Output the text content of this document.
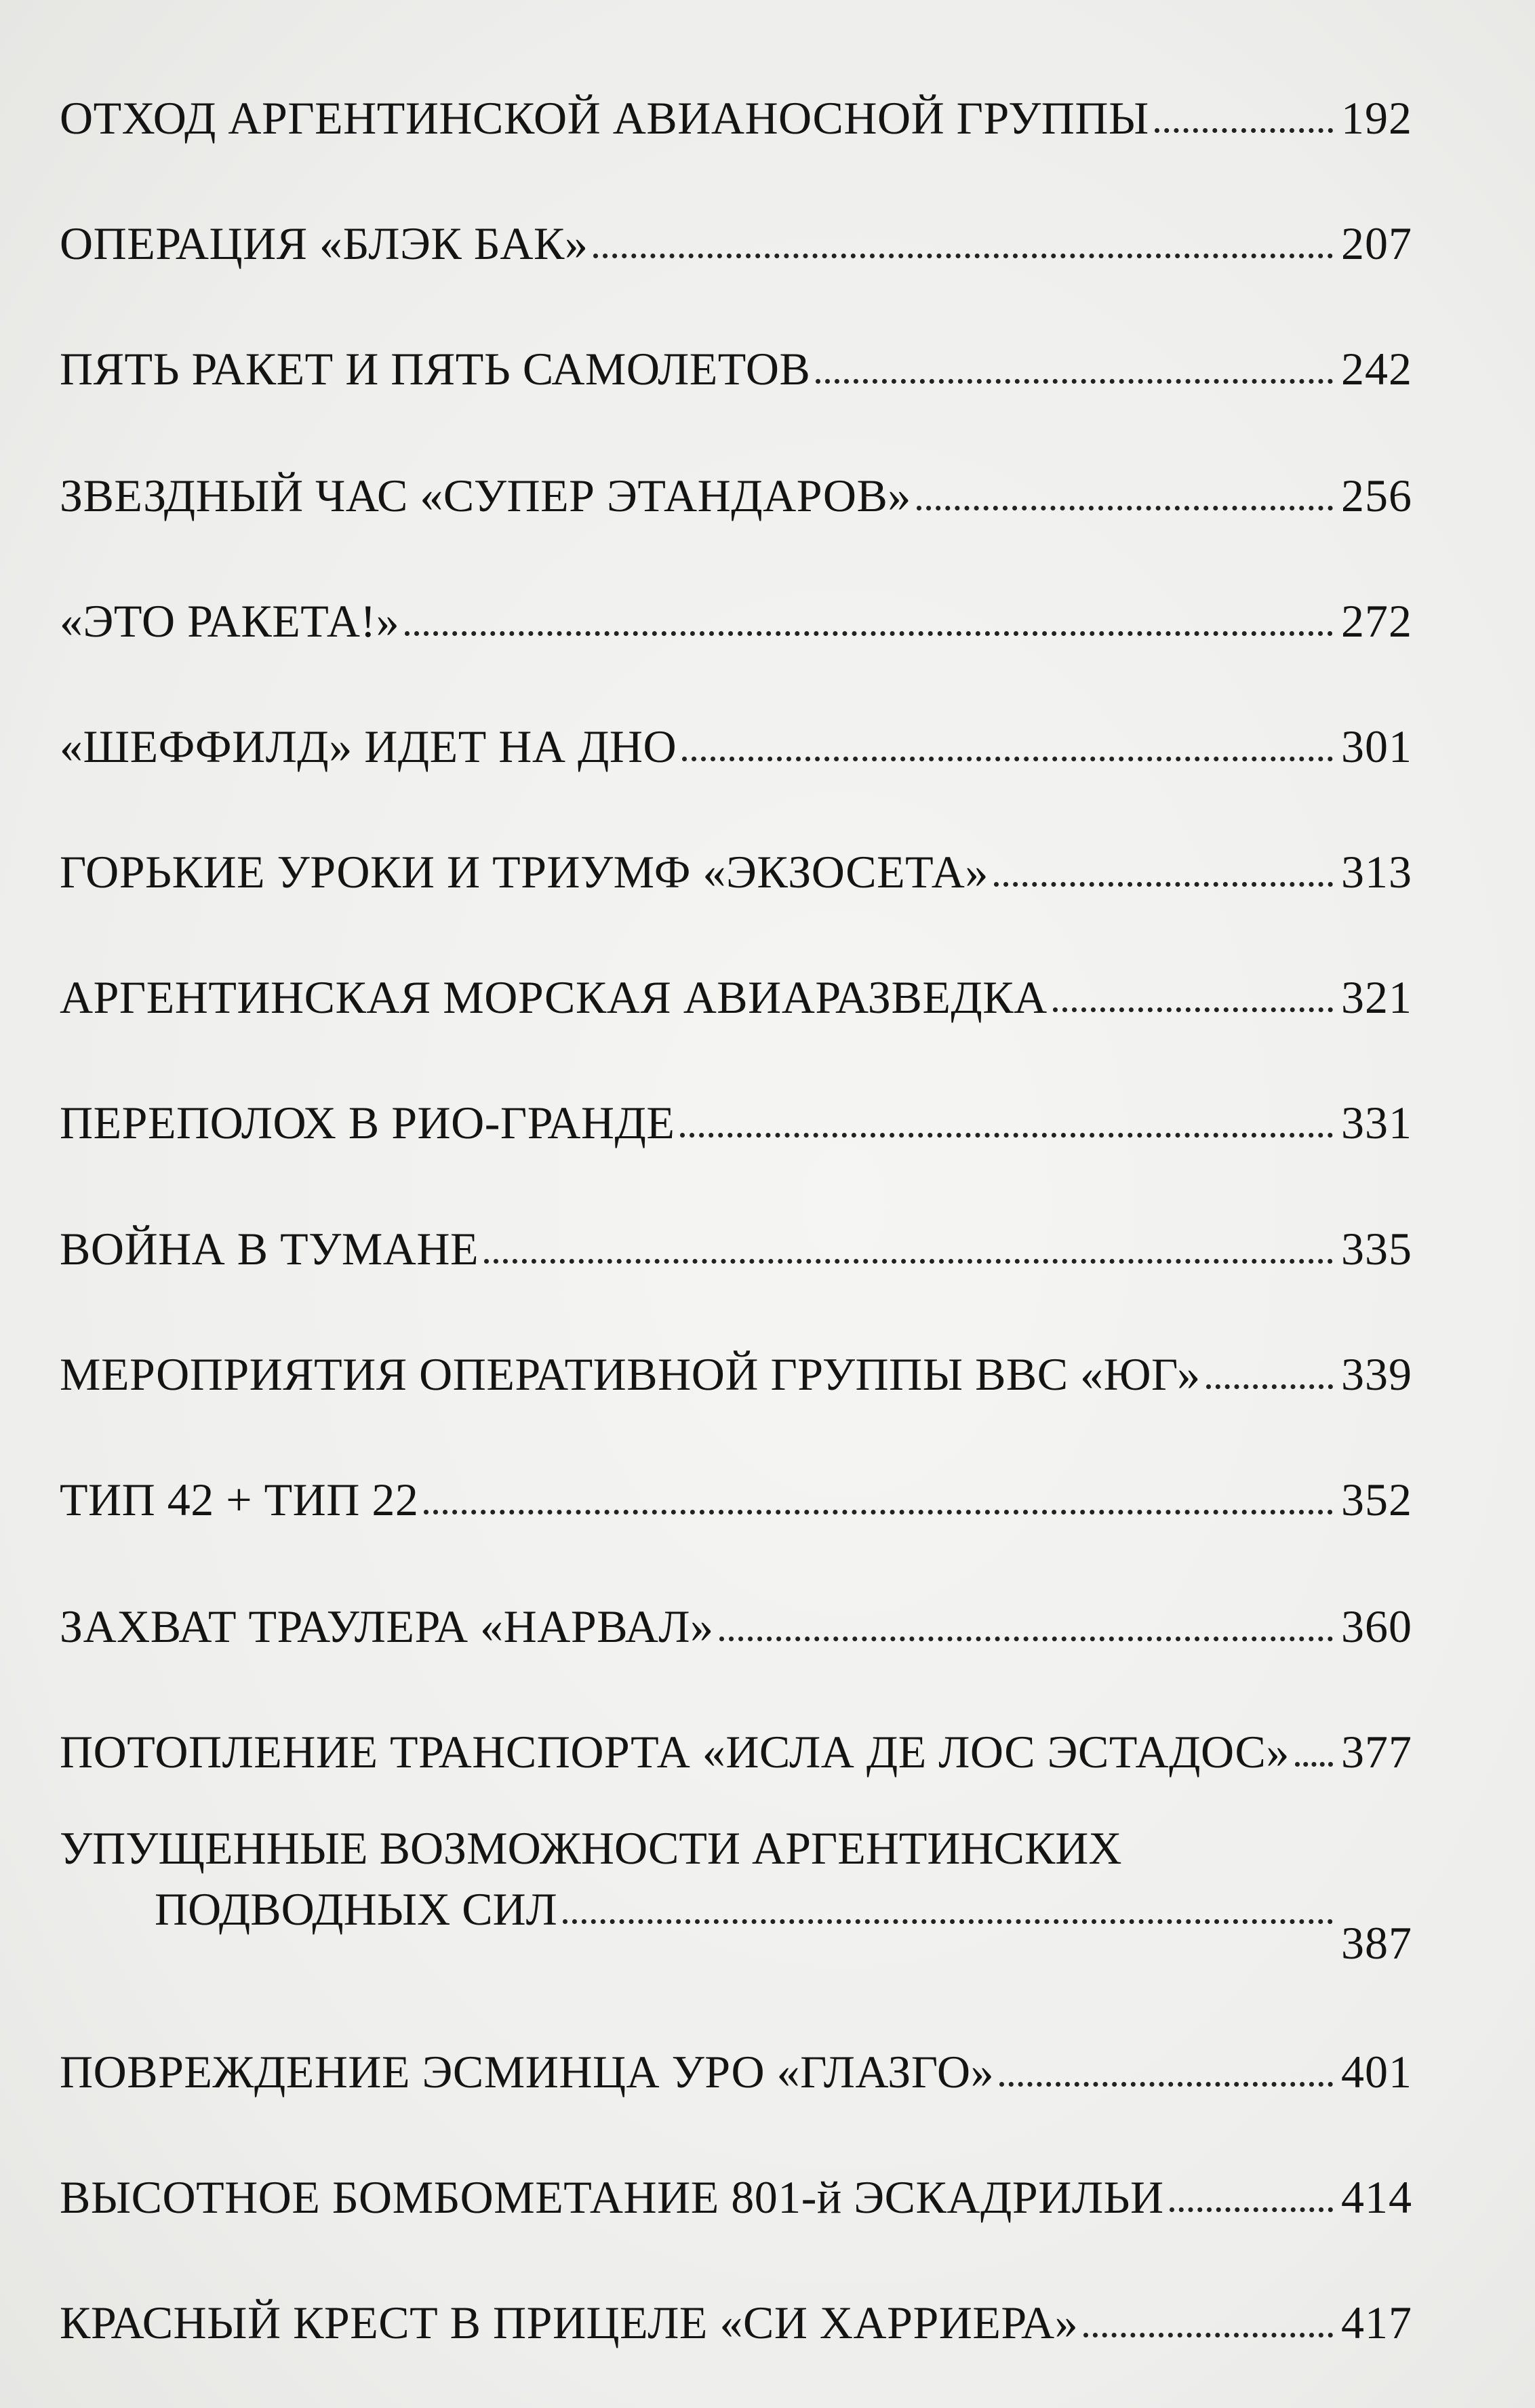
ОТХОД АРГЕНТИНСКОЙ АВИАНОСНОЙ ГРУППЫ	192
ОПЕРАЦИЯ «БЛЭК БАК»	207
ПЯТЬ РАКЕТ И ПЯТЬ САМОЛЕТОВ	242
ЗВЕЗДНЫЙ ЧАС «СУПЕР ЭТАНДАРОВ»	256
«ЭТО РАКЕТА!»	272
«ШЕФФИЛД» ИДЕТ НА ДНО	301
ГОРЬКИЕ УРОКИ И ТРИУМФ «ЭКЗОСЕТА»	313
АРГЕНТИНСКАЯ МОРСКАЯ АВИАРАЗВЕДКА	321
ПЕРЕПОЛОХ В РИО-ГРАНДЕ	331
ВОЙНА В ТУМАНЕ	335
МЕРОПРИЯТИЯ ОПЕРАТИВНОЙ ГРУППЫ ВВС «ЮГ»	339
ТИП 42 + ТИП 22	352
ЗАХВАТ ТРАУЛЕРА «НАРВАЛ»	360
ПОТОПЛЕНИЕ ТРАНСПОРТА «ИСЛА ДЕ ЛОС ЭСТАДОС» 377
УПУЩЕННЫЕ ВОЗМОЖНОСТИ АРГЕНТИНСКИХ
ПОДВОДНЫХ СИЛ
387
ПОВРЕЖДЕНИЕ ЭСМИНЦА УРО «ГЛАЗГО»	401
ВЫСОТНОЕ БОМБОМЕТАНИЕ 801-й ЭСКАДРИЛЬИ	414
КРАСНЫЙ КРЕСТ В ПРИЦЕЛЕ «СИ ХАРРИЕРА»	417
